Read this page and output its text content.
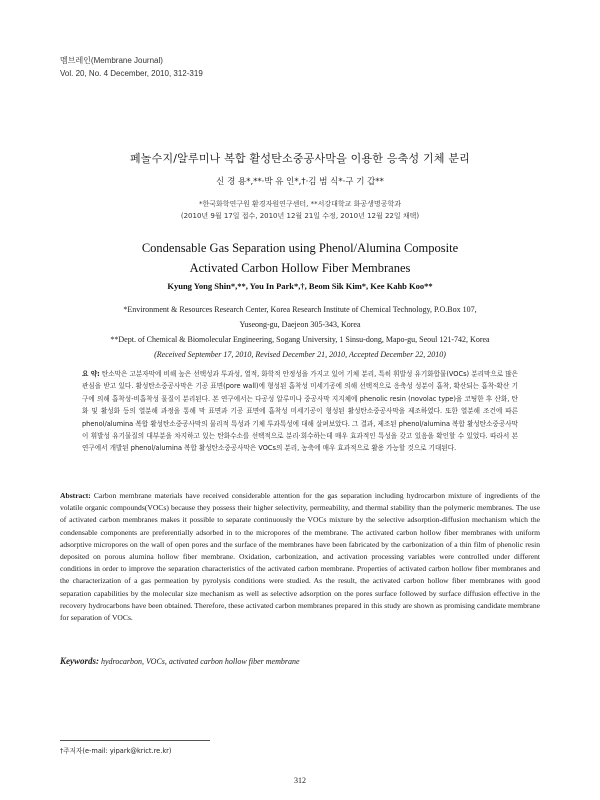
멤브레인(Membrane Journal)
Vol. 20, No. 4 December, 2010, 312-319
페놀수지/알루미나 복합 활성탄소중공사막을 이용한 응축성 기체 분리
신 경 용*,**·박 유 인*,†·김 범 식*·구 기 갑**
*한국화학연구원 환경자원연구센터, **서강대학교 화공생명공학과
(2010년 9월 17일 접수, 2010년 12월 21일 수정, 2010년 12월 22일 채택)
Condensable Gas Separation using Phenol/Alumina Composite
Activated Carbon Hollow Fiber Membranes
Kyung Yong Shin*,**, You In Park*,†, Beom Sik Kim*, Kee Kahb Koo**
*Environment & Resources Research Center, Korea Research Institute of Chemical Technology, P.O.Box 107,
Yuseong-gu, Daejeon 305-343, Korea
**Dept. of Chemical & Biomolecular Engineering, Sogang University, 1 Sinsu-dong, Mapo-gu, Seoul 121-742, Korea
(Received September 17, 2010, Revised December 21, 2010, Accepted December 22, 2010)
요 약: 탄소막은 고분자막에 비해 높은 선택성과 투과성, 열적, 화학적 안정성을 가지고 있어 기체 분리, 특히 휘발성 유기화합물(VOCs) 분리막으로 많은 관심을 받고 있다. 활성탄소중공사막은 기공 표면(pore wall)에 형성된 흡착성 미세기공에 의해 선택적으로 응축성 성분이 흡착, 확산되는 흡착-확산 기구에 의해 흡착성-비흡착성 물질이 분리된다. 본 연구에서는 다공성 알루미나 중공사막 지지체에 phenolic resin (novolac type)을 코팅한 후 산화, 탄화 및 활성화 등의 열분해 과정을 통해 막 표면과 기공 표면에 흡착성 미세기공이 형성된 활성탄소중공사막을 제조하였다. 또한 열분해 조건에 따른 phenol/alumina 복합 활성탄소중공사막의 물리적 특성과 기체 투과특성에 대해 살펴보았다. 그 결과, 제조된 phenol/alumina 복합 활성탄소중공사막이 휘발성 유기물질의 대부분을 차지하고 있는 탄화수소를 선택적으로 분리·회수하는데 매우 효과적인 특성을 갖고 있음을 확인할 수 있었다. 따라서 본 연구에서 개발된 phenol/alumina 복합 활성탄소중공사막은 VOCs의 분리, 농축에 매우 효과적으로 활용 가능할 것으로 기대된다.
Abstract: Carbon membrane materials have received considerable attention for the gas separation including hydrocarbon mixture of ingredients of the volatile organic compounds(VOCs) because they possess their higher selectivity, permeability, and thermal stability than the polymeric membranes. The use of activated carbon membranes makes it possible to separate continuously the VOCs mixture by the selective adsorption-diffusion mechanism which the condensable components are preferentially adsorbed in to the micropores of the membrane. The activated carbon hollow fiber membranes with uniform adsorptive micropores on the wall of open pores and the surface of the membranes have been fabricated by the carbonization of a thin film of phenolic resin deposited on porous alumina hollow fiber membrane. Oxidation, carbonization, and activation processing variables were controlled under different conditions in order to improve the separation characteristics of the activated carbon membrane. Properties of activated carbon hollow fiber membranes and the characterization of a gas permeation by pyrolysis conditions were studied. As the result, the activated carbon hollow fiber membranes with good separation capabilities by the molecular size mechanism as well as selective adsorption on the pores surface followed by surface diffusion effective in the recovery hydrocarbons have been obtained. Therefore, these activated carbon membranes prepared in this study are shown as promising candidate membrane for separation of VOCs.
Keywords: hydrocarbon, VOCs, activated carbon hollow fiber membrane
†주저자(e-mail: yipark@krict.re.kr)
312
